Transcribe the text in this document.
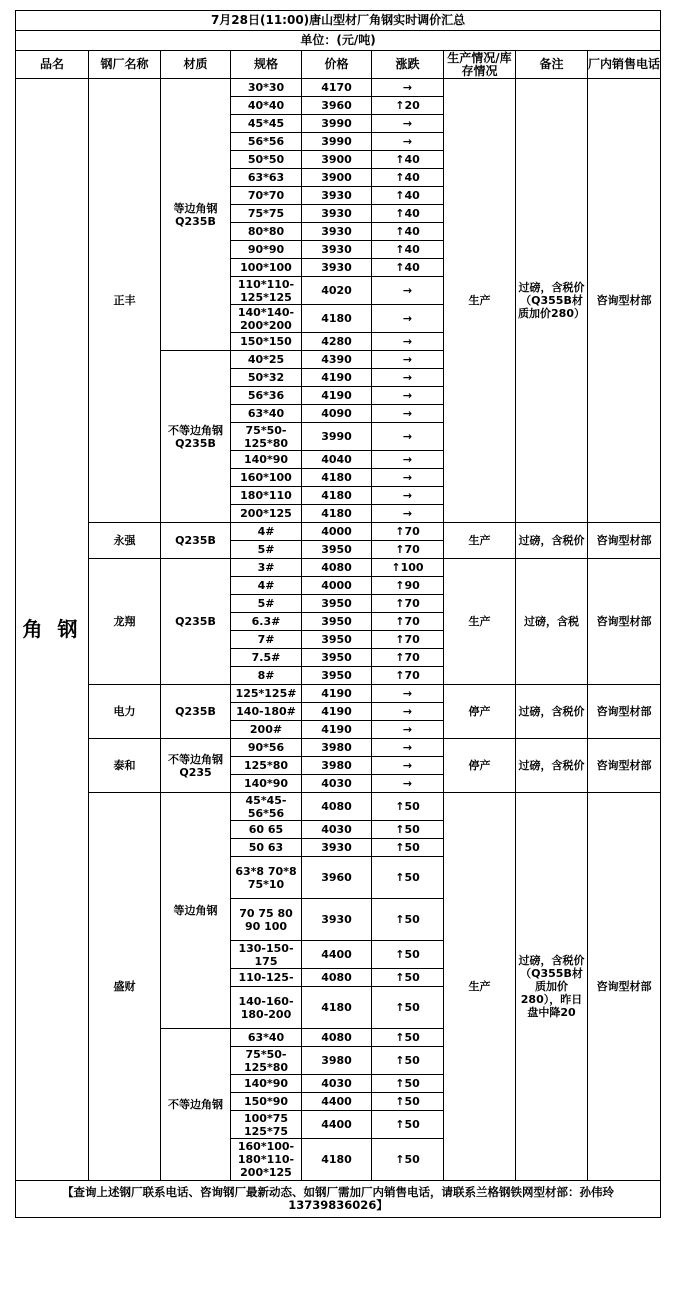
7月28日(11:00)唐山型材厂角钢实时调价汇总								
单位：(元/吨)								
品名	钢厂名称	材质	规格	价格	涨跌	生产情况/库存情况	备注	厂内销售电话
角 钢	正丰	等边角钢Q235B	30*30	4170	→	生产	过磅，含税价（Q355B材质加价280）	咨询型材部
			40*40	3960	↑20			
			45*45	3990	→			
			56*56	3990	→			
			50*50	3900	↑40			
			63*63	3900	↑40			
			70*70	3930	↑40			
			75*75	3930	↑40			
			80*80	3930	↑40			
			90*90	3930	↑40			
			100*100	3930	↑40			
			110*110-125*125	4020	→			
			140*140-200*200	4180	→			
			150*150	4280	→			
		不等边角钢Q235B	40*25	4390	→			
			50*32	4190	→			
			56*36	4190	→			
			63*40	4090	→			
			75*50-125*80	3990	→			
			140*90	4040	→			
			160*100	4180	→			
			180*110	4180	→			
			200*125	4180	→			
	永强	Q235B	4#	4000	↑70	生产	过磅，含税价	咨询型材部
			5#	3950	↑70			
	龙翔	Q235B	3#	4080	↑100	生产	过磅，含税	咨询型材部
			4#	4000	↑90			
			5#	3950	↑70			
			6.3#	3950	↑70			
			7#	3950	↑70			
			7.5#	3950	↑70			
			8#	3950	↑70			
	电力	Q235B	125*125#	4190	→	停产	过磅，含税价	咨询型材部
			140-180#	4190	→			
			200#	4190	→			
	泰和	不等边角钢Q235	90*56	3980	→	停产	过磅，含税价	咨询型材部
			125*80	3980	→			
			140*90	4030	→			
	盛财	等边角钢	45*45-56*56	4080	↑50	生产	过磅，含税价（Q355B材质加价280），昨日盘中降20	咨询型材部
			60 65	4030	↑50			
			50 63	3930	↑50			
			63*8 70*8 75*10	3960	↑50			
			70 75 80 90 100	3930	↑50			
			130-150-175	4400	↑50			
			110-125-	4080	↑50			
			140-160-180-200	4180	↑50			
		不等边角钢	63*40	4080	↑50			
			75*50-125*80	3980	↑50			
			140*90	4030	↑50			
			150*90	4400	↑50			
			100*75 125*75	4400	↑50			
			160*100-180*110-200*125	4180	↑50			
【查询上述钢厂联系电话、咨询钢厂最新动态、如钢厂需加厂内销售电话，请联系兰格钢铁网型材部：孙伟玲13739836026】								
